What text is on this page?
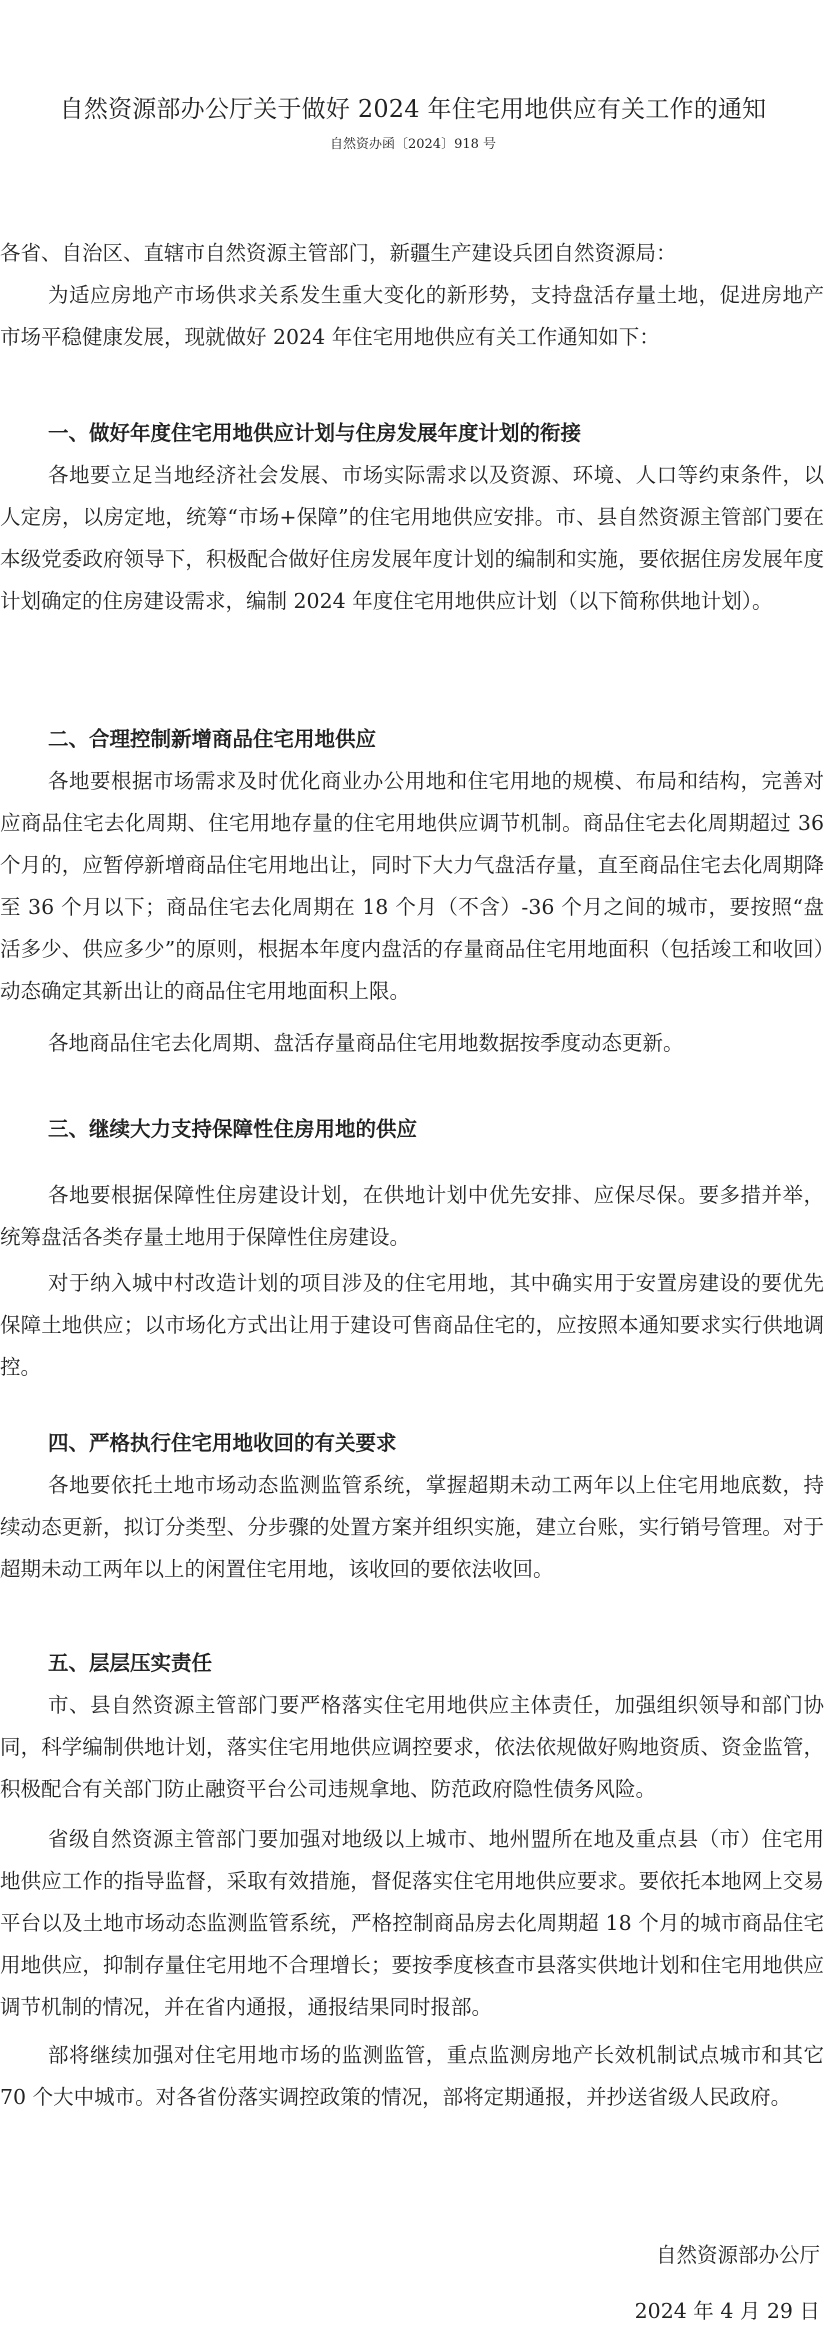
自然资源部办公厅关于做好 2024 年住宅用地供应有关工作的通知
自然资办函〔2024〕918 号

各省、自治区、直辖市自然资源主管部门，新疆生产建设兵团自然资源局：

为适应房地产市场供求关系发生重大变化的新形势，支持盘活存量土地，促进房地产市场平稳健康发展，现就做好 2024 年住宅用地供应有关工作通知如下：

一、做好年度住宅用地供应计划与住房发展年度计划的衔接

各地要立足当地经济社会发展、市场实际需求以及资源、环境、人口等约束条件，以人定房，以房定地，统筹“市场+保障”的住宅用地供应安排。市、县自然资源主管部门要在本级党委政府领导下，积极配合做好住房发展年度计划的编制和实施，要依据住房发展年度计划确定的住房建设需求，编制 2024 年度住宅用地供应计划（以下简称供地计划）。

二、合理控制新增商品住宅用地供应

各地要根据市场需求及时优化商业办公用地和住宅用地的规模、布局和结构，完善对应商品住宅去化周期、住宅用地存量的住宅用地供应调节机制。商品住宅去化周期超过 36 个月的，应暂停新增商品住宅用地出让，同时下大力气盘活存量，直至商品住宅去化周期降至 36 个月以下；商品住宅去化周期在 18 个月（不含）-36 个月之间的城市，要按照“盘活多少、供应多少”的原则，根据本年度内盘活的存量商品住宅用地面积（包括竣工和收回）动态确定其新出让的商品住宅用地面积上限。

各地商品住宅去化周期、盘活存量商品住宅用地数据按季度动态更新。

三、继续大力支持保障性住房用地的供应

各地要根据保障性住房建设计划，在供地计划中优先安排、应保尽保。要多措并举，统筹盘活各类存量土地用于保障性住房建设。

对于纳入城中村改造计划的项目涉及的住宅用地，其中确实用于安置房建设的要优先保障土地供应；以市场化方式出让用于建设可售商品住宅的，应按照本通知要求实行供地调控。

四、严格执行住宅用地收回的有关要求

各地要依托土地市场动态监测监管系统，掌握超期未动工两年以上住宅用地底数，持续动态更新，拟订分类型、分步骤的处置方案并组织实施，建立台账，实行销号管理。对于超期未动工两年以上的闲置住宅用地，该收回的要依法收回。

五、层层压实责任

市、县自然资源主管部门要严格落实住宅用地供应主体责任，加强组织领导和部门协同，科学编制供地计划，落实住宅用地供应调控要求，依法依规做好购地资质、资金监管，积极配合有关部门防止融资平台公司违规拿地、防范政府隐性债务风险。

省级自然资源主管部门要加强对地级以上城市、地州盟所在地及重点县（市）住宅用地供应工作的指导监督，采取有效措施，督促落实住宅用地供应要求。要依托本地网上交易平台以及土地市场动态监测监管系统，严格控制商品房去化周期超 18 个月的城市商品住宅用地供应，抑制存量住宅用地不合理增长；要按季度核查市县落实供地计划和住宅用地供应调节机制的情况，并在省内通报，通报结果同时报部。

部将继续加强对住宅用地市场的监测监管，重点监测房地产长效机制试点城市和其它 70 个大中城市。对各省份落实调控政策的情况，部将定期通报，并抄送省级人民政府。

自然资源部办公厅
2024 年 4 月 29 日
